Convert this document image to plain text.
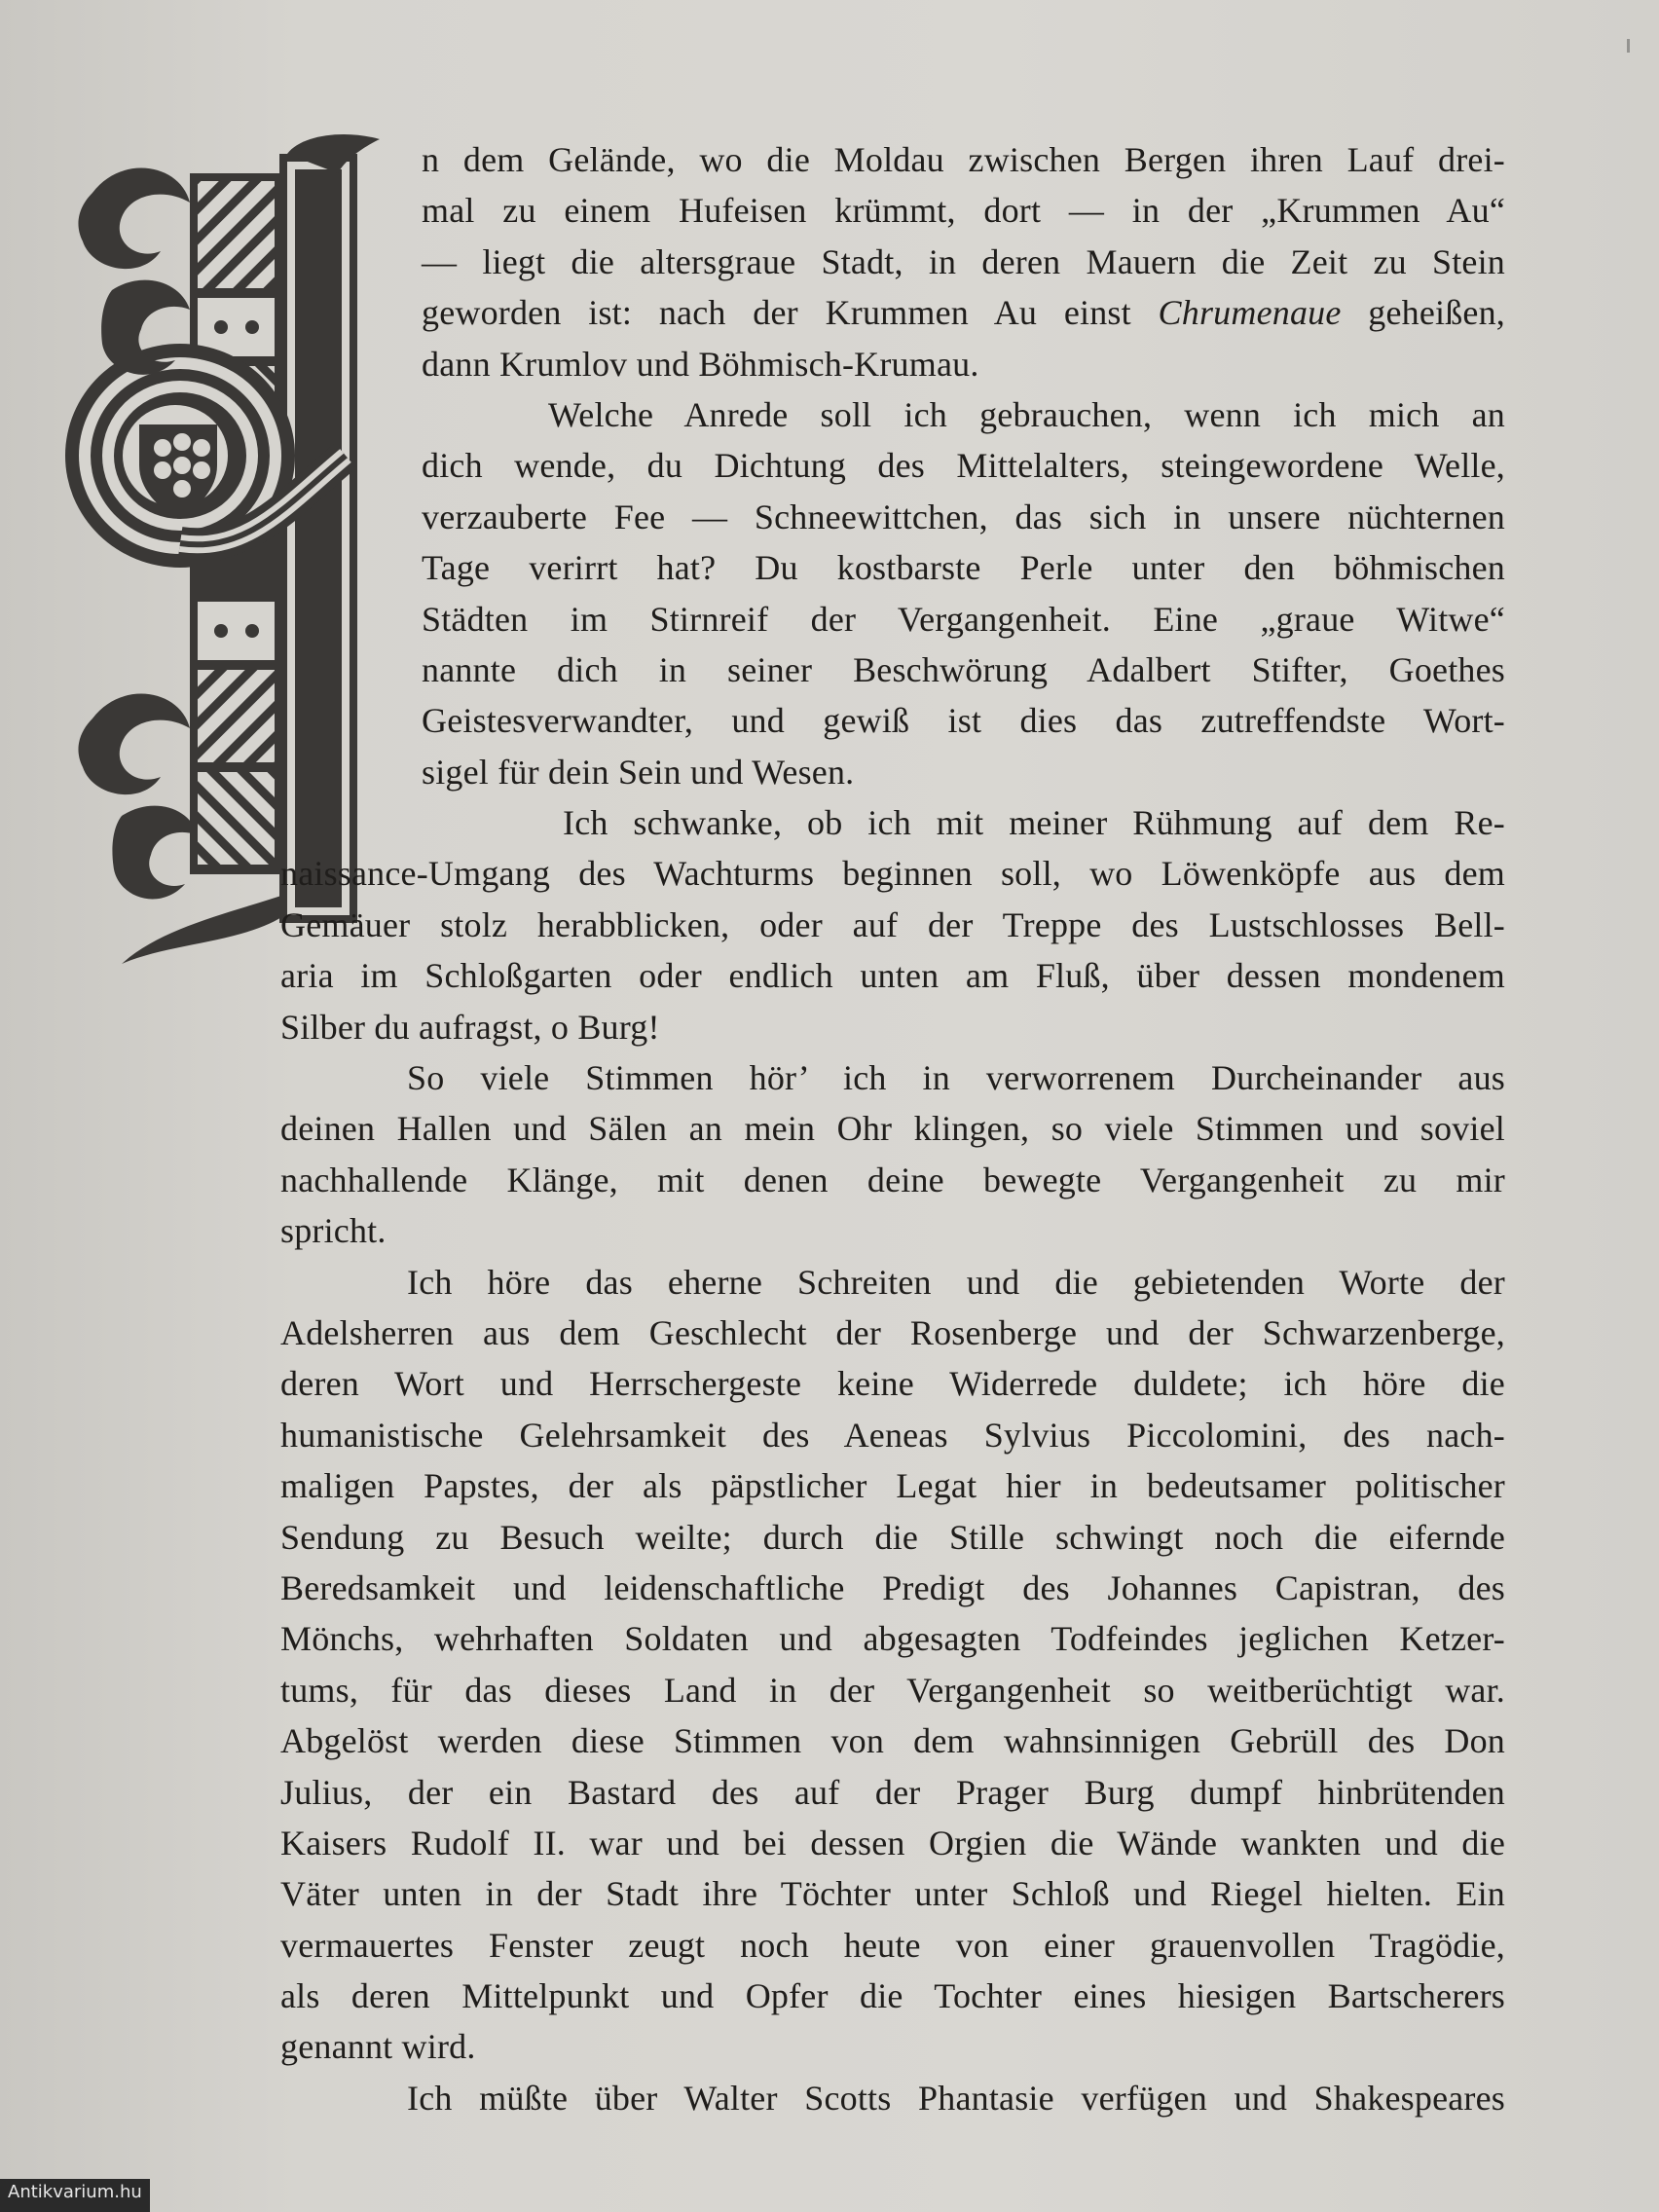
n dem Gelände, wo die Moldau zwischen Bergen ihren Lauf drei-
mal zu einem Hufeisen krümmt, dort — in der „Krummen Au“
— liegt die altersgraue Stadt, in deren Mauern die Zeit zu Stein
geworden ist: nach der Krummen Au einst Chrumenaue geheißen,
dann Krumlov und Böhmisch-Krumau.
Welche Anrede soll ich gebrauchen, wenn ich mich an
dich wende, du Dichtung des Mittelalters, steingewordene Welle,
verzauberte Fee — Schneewittchen, das sich in unsere nüchternen
Tage verirrt hat? Du kostbarste Perle unter den böhmischen
Städten im Stirnreif der Vergangenheit. Eine „graue Witwe“
nannte dich in seiner Beschwörung Adalbert Stifter, Goethes
Geistesverwandter, und gewiß ist dies das zutreffendste Wort-
sigel für dein Sein und Wesen.
Ich schwanke, ob ich mit meiner Rühmung auf dem Re-
naissance-Umgang des Wachturms beginnen soll, wo Löwenköpfe aus dem
Gemäuer stolz herabblicken, oder auf der Treppe des Lustschlosses Bell-
aria im Schloßgarten oder endlich unten am Fluß, über dessen mondenem
Silber du aufragst, o Burg!
So viele Stimmen hör’ ich in verworrenem Durcheinander aus
deinen Hallen und Sälen an mein Ohr klingen, so viele Stimmen und soviel
nachhallende Klänge, mit denen deine bewegte Vergangenheit zu mir
spricht.
Ich höre das eherne Schreiten und die gebietenden Worte der
Adelsherren aus dem Geschlecht der Rosenberge und der Schwarzenberge,
deren Wort und Herrschergeste keine Widerrede duldete; ich höre die
humanistische Gelehrsamkeit des Aeneas Sylvius Piccolomini, des nach-
maligen Papstes, der als päpstlicher Legat hier in bedeutsamer politischer
Sendung zu Besuch weilte; durch die Stille schwingt noch die eifernde
Beredsamkeit und leidenschaftliche Predigt des Johannes Capistran, des
Mönchs, wehrhaften Soldaten und abgesagten Todfeindes jeglichen Ketzer-
tums, für das dieses Land in der Vergangenheit so weitberüchtigt war.
Abgelöst werden diese Stimmen von dem wahnsinnigen Gebrüll des Don
Julius, der ein Bastard des auf der Prager Burg dumpf hinbrütenden
Kaisers Rudolf II. war und bei dessen Orgien die Wände wankten und die
Väter unten in der Stadt ihre Töchter unter Schloß und Riegel hielten. Ein
vermauertes Fenster zeugt noch heute von einer grauenvollen Tragödie,
als deren Mittelpunkt und Opfer die Tochter eines hiesigen Bartscherers
genannt wird.
Ich müßte über Walter Scotts Phantasie verfügen und Shakespeares
Antikvarium.hu
